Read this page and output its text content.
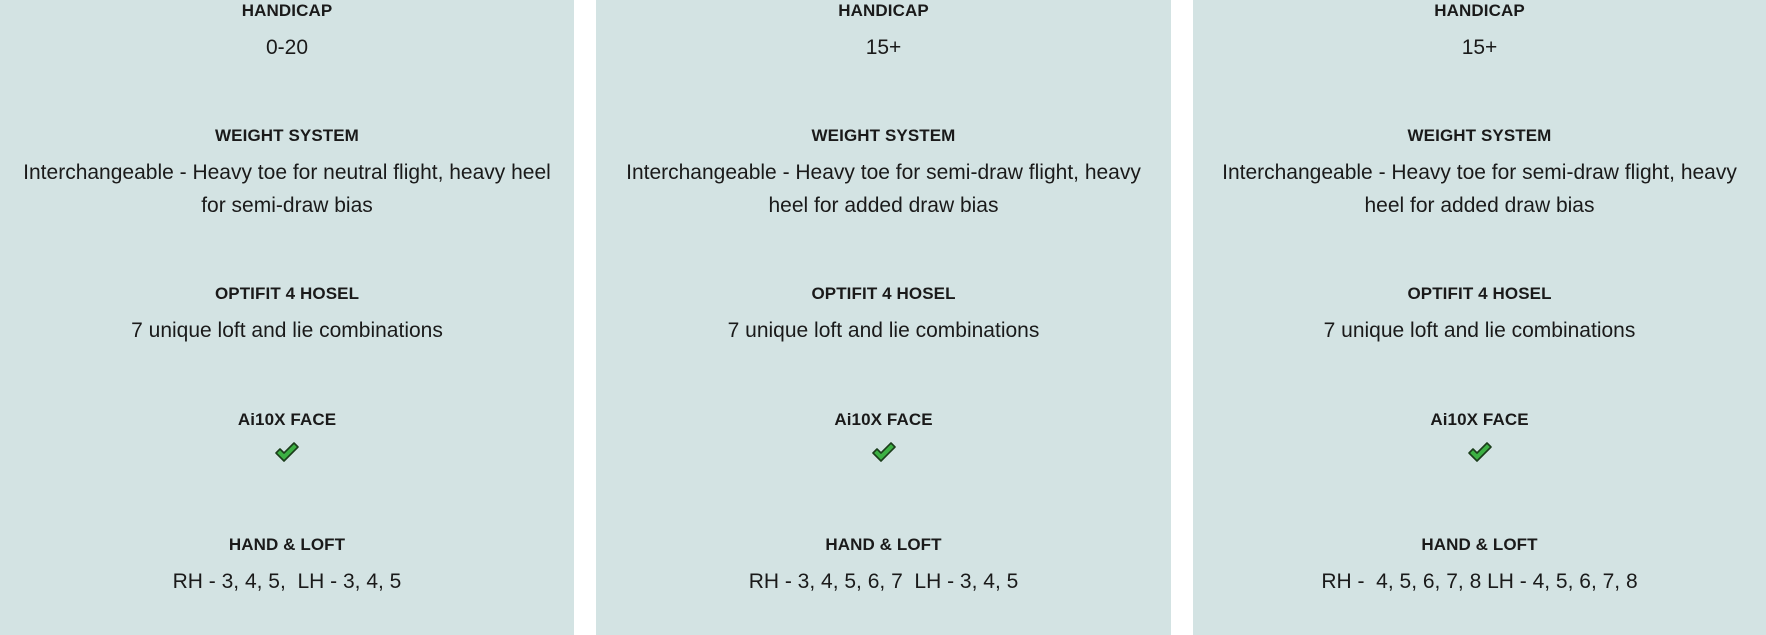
HANDICAP
0-20
WEIGHT SYSTEM
Interchangeable - Heavy toe for neutral flight, heavy heel for semi-draw bias
OPTIFIT 4 HOSEL
7 unique loft and lie combinations
Ai10X FACE
HAND & LOFT
RH - 3, 4, 5,  LH - 3, 4, 5
HANDICAP
15+
WEIGHT SYSTEM
Interchangeable - Heavy toe for semi-draw flight, heavy heel for added draw bias
OPTIFIT 4 HOSEL
7 unique loft and lie combinations
Ai10X FACE
HAND & LOFT
RH - 3, 4, 5, 6, 7  LH - 3, 4, 5
HANDICAP
15+
WEIGHT SYSTEM
Interchangeable - Heavy toe for semi-draw flight, heavy heel for added draw bias
OPTIFIT 4 HOSEL
7 unique loft and lie combinations
Ai10X FACE
HAND & LOFT
RH -  4, 5, 6, 7, 8 LH - 4, 5, 6, 7, 8
